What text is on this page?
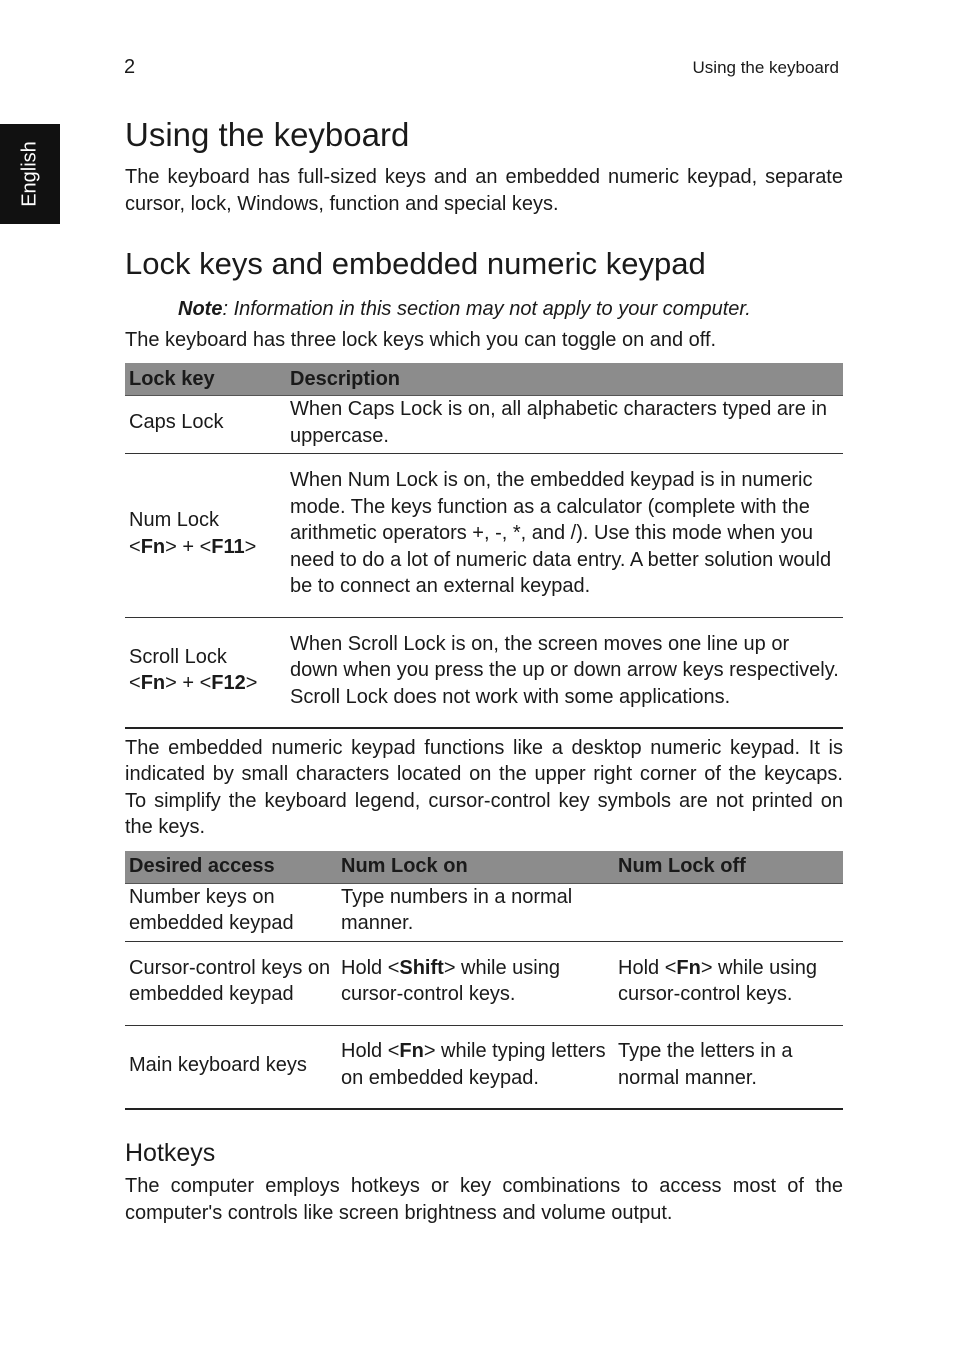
2	Using the keyboard
English
Using the keyboard

The keyboard has full-sized keys and an embedded numeric keypad, separate cursor, lock, Windows, function and special keys.

Lock keys and embedded numeric keypad

Note: Information in this section may not apply to your computer.

The keyboard has three lock keys which you can toggle on and off.

Lock key	Description
Caps Lock	When Caps Lock is on, all alphabetic characters typed are in uppercase.

Num Lock
<Fn> + <F11>	When Num Lock is on, the embedded keypad is in numeric mode. The keys function as a calculator (complete with the arithmetic operators +, -, *, and /). Use this mode when you need to do a lot of numeric data entry. A better solution would be to connect an external keypad.

Scroll Lock
<Fn> + <F12>	When Scroll Lock is on, the screen moves one line up or down when you press the up or down arrow keys respectively. Scroll Lock does not work with some applications.

The embedded numeric keypad functions like a desktop numeric keypad. It is indicated by small characters located on the upper right corner of the keycaps. To simplify the keyboard legend, cursor-control key symbols are not printed on the keys.

Desired access	Num Lock on	Num Lock off
Number keys on embedded keypad	Type numbers in a normal manner.	
Cursor-control keys on embedded keypad	Hold <Shift> while using cursor-control keys.	Hold <Fn> while using cursor-control keys.
Main keyboard keys	Hold <Fn> while typing letters on embedded keypad.	Type the letters in a normal manner.
Hotkeys

The computer employs hotkeys or key combinations to access most of the computer's controls like screen brightness and volume output.
